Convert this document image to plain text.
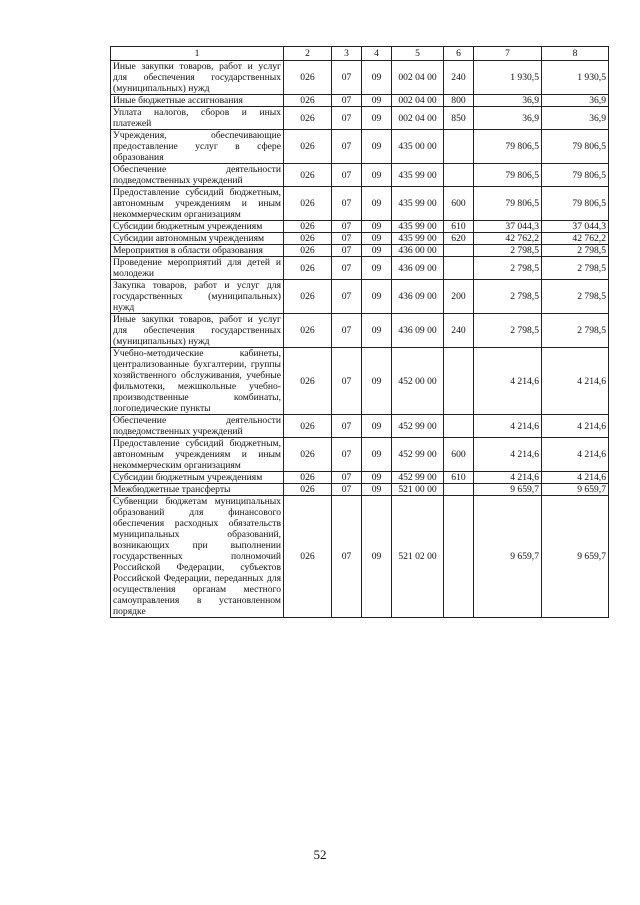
1	2	3	4	5	6	7	8
Иные закупки товаров, работ и услуг для обеспечения государственных (муниципальных) нужд	026	07	09	002 04 00	240	1 930,5	1 930,5
Иные бюджетные ассигнования	026	07	09	002 04 00	800	36,9	36,9
Уплата налогов, сборов и иных платежей	026	07	09	002 04 00	850	36,9	36,9
Учреждения, обеспечивающие предоставление услуг в сфере образования	026	07	09	435 00 00		79 806,5	79 806,5
Обеспечение деятельности подведомственных учреждений	026	07	09	435 99 00		79 806,5	79 806,5
Предоставление субсидий бюджетным, автономным учреждениям и иным некоммерческим организациям	026	07	09	435 99 00	600	79 806,5	79 806,5
Субсидии бюджетным учреждениям	026	07	09	435 99 00	610	37 044,3	37 044,3
Субсидии автономным учреждениям	026	07	09	435 99 00	620	42 762,2	42 762,2
Мероприятия в области образования	026	07	09	436 00 00		2 798,5	2 798,5
Проведение мероприятий для детей и молодежи	026	07	09	436 09 00		2 798,5	2 798,5
Закупка товаров, работ и услуг для государственных (муниципальных) нужд	026	07	09	436 09 00	200	2 798,5	2 798,5
Иные закупки товаров, работ и услуг для обеспечения государственных (муниципальных) нужд	026	07	09	436 09 00	240	2 798,5	2 798,5
Учебно-методические кабинеты, централизованные бухгалтерии, группы хозяйственного обслуживания, учебные фильмотеки, межшкольные учебно-производственные комбинаты, логопедические пункты	026	07	09	452 00 00		4 214,6	4 214,6
Обеспечение деятельности подведомственных учреждений	026	07	09	452 99 00		4 214,6	4 214,6
Предоставление субсидий бюджетным, автономным учреждениям и иным некоммерческим организациям	026	07	09	452 99 00	600	4 214,6	4 214,6
Субсидии бюджетным учреждениям	026	07	09	452 99 00	610	4 214,6	4 214,6
Межбюджетные трансферты	026	07	09	521 00 00		9 659,7	9 659,7
Субвенции бюджетам муниципальных образований для финансового обеспечения расходных обязательств муниципальных образований, возникающих при выполнении государственных полномочий Российской Федерации, субъектов Российской Федерации, переданных для осуществления органам местного самоуправления в установленном порядке	026	07	09	521 02 00		9 659,7	9 659,7
52
